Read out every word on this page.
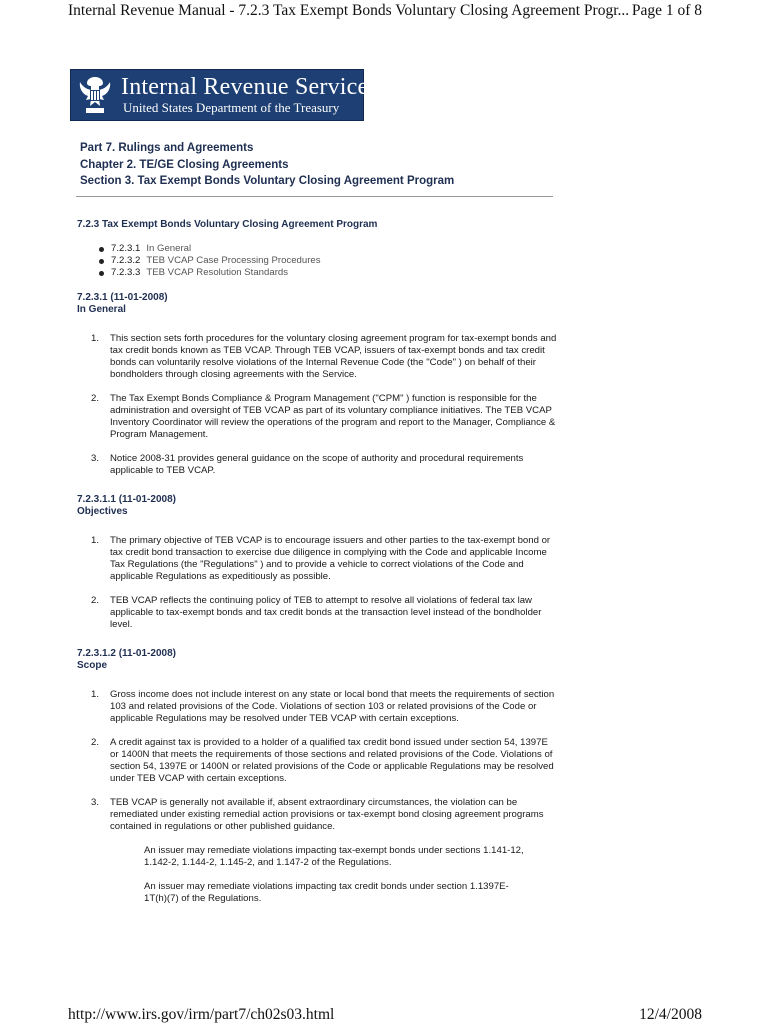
Internal Revenue Manual - 7.2.3 Tax Exempt Bonds Voluntary Closing Agreement Progr... Page 1 of 8
Internal Revenue Service
United States Department of the Treasury
Part 7. Rulings and Agreements
Chapter 2. TE/GE Closing Agreements
Section 3. Tax Exempt Bonds Voluntary Closing Agreement Program
7.2.3 Tax Exempt Bonds Voluntary Closing Agreement Program
7.2.3.1 In General
7.2.3.2 TEB VCAP Case Processing Procedures
7.2.3.3 TEB VCAP Resolution Standards
7.2.3.1 (11-01-2008)
In General
1. This section sets forth procedures for the voluntary closing agreement program for tax-exempt bonds and tax credit bonds known as TEB VCAP. Through TEB VCAP, issuers of tax-exempt bonds and tax credit bonds can voluntarily resolve violations of the Internal Revenue Code (the "Code" ) on behalf of their bondholders through closing agreements with the Service.
2. The Tax Exempt Bonds Compliance & Program Management ("CPM" ) function is responsible for the administration and oversight of TEB VCAP as part of its voluntary compliance initiatives. The TEB VCAP Inventory Coordinator will review the operations of the program and report to the Manager, Compliance & Program Management.
3. Notice 2008-31 provides general guidance on the scope of authority and procedural requirements applicable to TEB VCAP.
7.2.3.1.1 (11-01-2008)
Objectives
1. The primary objective of TEB VCAP is to encourage issuers and other parties to the tax-exempt bond or tax credit bond transaction to exercise due diligence in complying with the Code and applicable Income Tax Regulations (the "Regulations" ) and to provide a vehicle to correct violations of the Code and applicable Regulations as expeditiously as possible.
2. TEB VCAP reflects the continuing policy of TEB to attempt to resolve all violations of federal tax law applicable to tax-exempt bonds and tax credit bonds at the transaction level instead of the bondholder level.
7.2.3.1.2 (11-01-2008)
Scope
1. Gross income does not include interest on any state or local bond that meets the requirements of section 103 and related provisions of the Code. Violations of section 103 or related provisions of the Code or applicable Regulations may be resolved under TEB VCAP with certain exceptions.
2. A credit against tax is provided to a holder of a qualified tax credit bond issued under section 54, 1397E or 1400N that meets the requirements of those sections and related provisions of the Code. Violations of section 54, 1397E or 1400N or related provisions of the Code or applicable Regulations may be resolved under TEB VCAP with certain exceptions.
3. TEB VCAP is generally not available if, absent extraordinary circumstances, the violation can be remediated under existing remedial action provisions or tax-exempt bond closing agreement programs contained in regulations or other published guidance.
An issuer may remediate violations impacting tax-exempt bonds under sections 1.141-12, 1.142-2, 1.144-2, 1.145-2, and 1.147-2 of the Regulations.
An issuer may remediate violations impacting tax credit bonds under section 1.1397E-1T(h)(7) of the Regulations.
http://www.irs.gov/irm/part7/ch02s03.html	12/4/2008
